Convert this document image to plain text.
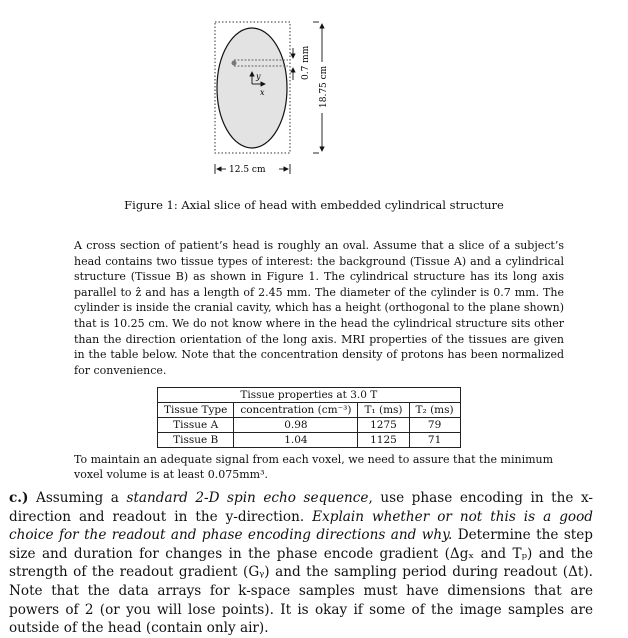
y
x
0.7 mm
18.75 cm
12.5 cm
Figure 1: Axial slice of head with embedded cylindrical structure
A cross section of patient’s head is roughly an oval. Assume that a slice of a subject’s head contains two tissue types of interest: the background (Tissue A) and a cylindrical structure (Tissue B) as shown in Figure 1. The cylindrical structure has its long axis parallel to ẑ and has a length of 2.45 mm. The diameter of the cylinder is 0.7 mm. The cylinder is inside the cranial cavity, which has a height (orthogonal to the plane shown) that is 10.25 cm. We do not know where in the head the cylindrical structure sits other than the direction orientation of the long axis. MRI properties of the tissues are given in the table below. Note that the concentration density of protons has been normalized for convenience.
Tissue properties at 3.0 T			
Tissue Type	concentration (cm⁻³)	T₁ (ms)	T₂ (ms)
Tissue A	0.98	1275	79
Tissue B	1.04	1125	71
To maintain an adequate signal from each voxel, we need to assure that the minimum voxel volume is at least 0.075mm³.
c.) Assuming a standard 2-D spin echo sequence, use phase encoding in the x-direction and readout in the y-direction. Explain whether or not this is a good choice for the readout and phase encoding directions and why. Determine the step size and duration for changes in the phase encode gradient (Δgₓ and Tₚ) and the strength of the readout gradient (Gᵧ) and the sampling period during readout (Δt). Note that the data arrays for k-space samples must have dimensions that are powers of 2 (or you will lose points). It is okay if some of the image samples are outside of the head (contain only air).
